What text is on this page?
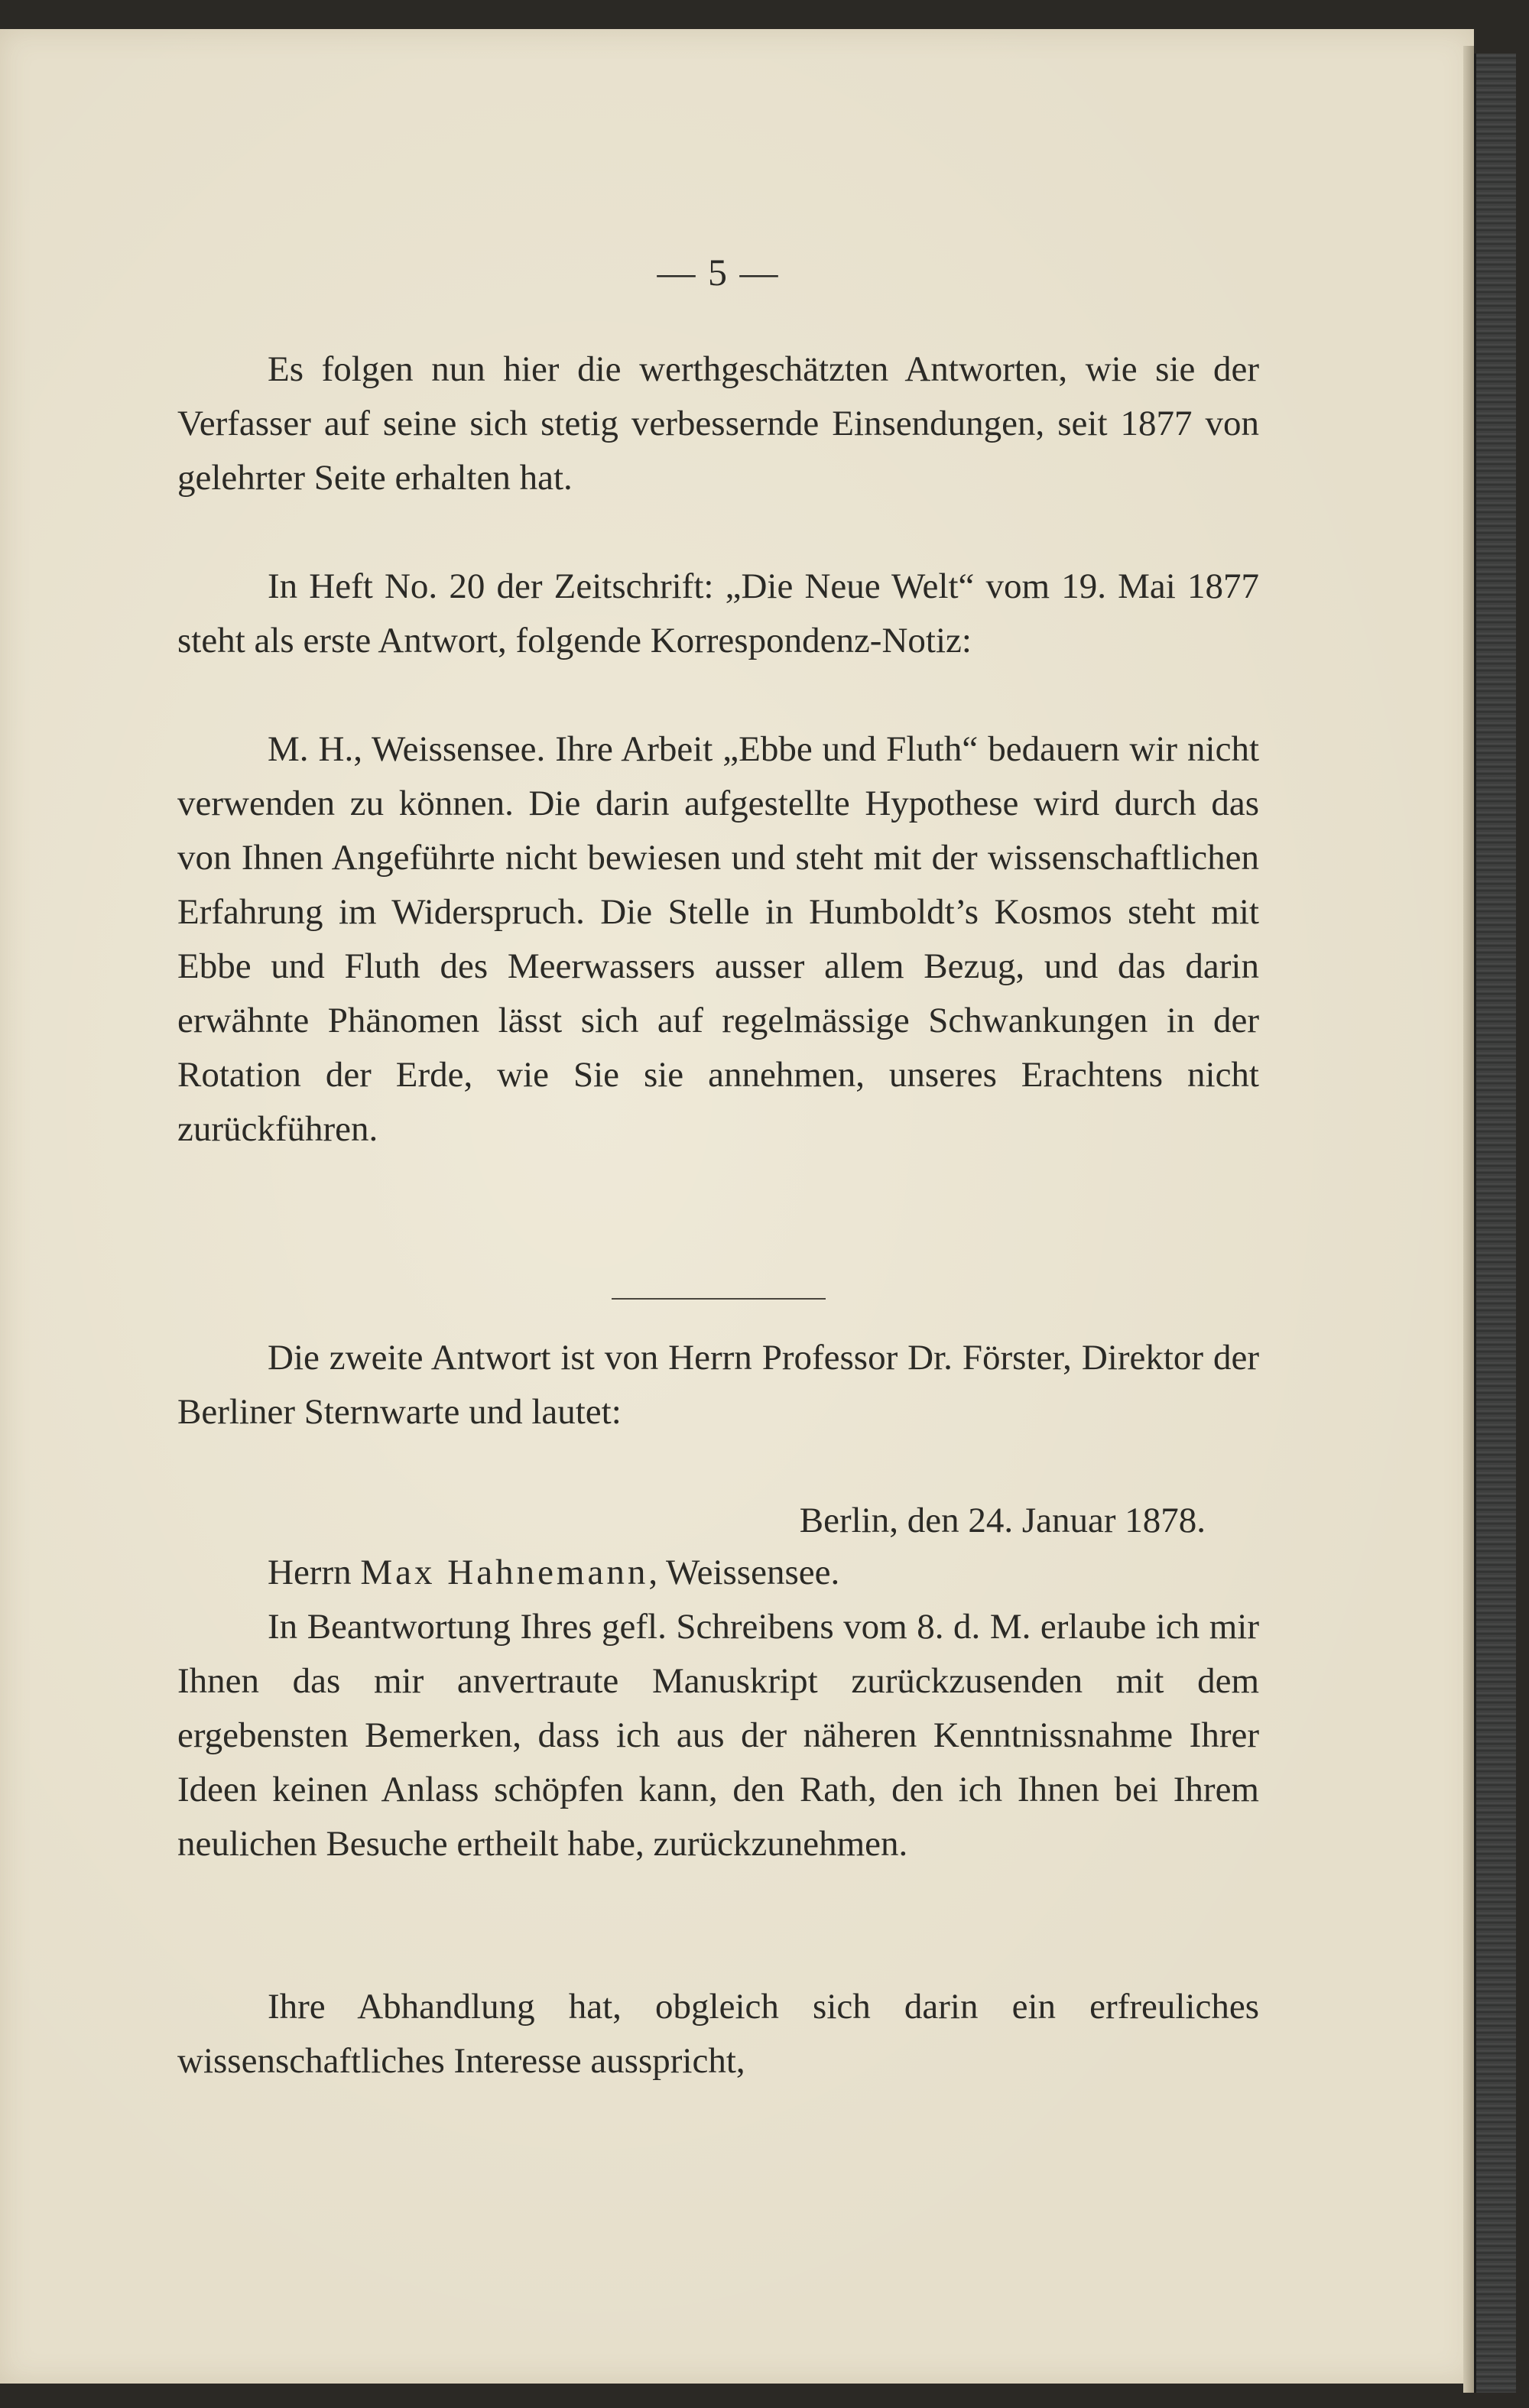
— 5 —

Es folgen nun hier die werthgeschätzten Antworten, wie sie der Verfasser auf seine sich stetig verbessernde Einsendungen, seit 1877 von gelehrter Seite erhalten hat.

In Heft No. 20 der Zeitschrift: „Die Neue Welt“ vom 19. Mai 1877 steht als erste Antwort, folgende Korrespondenz-Notiz:

M. H., Weissensee. Ihre Arbeit „Ebbe und Fluth“ bedauern wir nicht verwenden zu können. Die darin aufgestellte Hypothese wird durch das von Ihnen Angeführte nicht bewiesen und steht mit der wissenschaftlichen Erfahrung im Widerspruch. Die Stelle in Humboldt’s Kosmos steht mit Ebbe und Fluth des Meerwassers ausser allem Bezug, und das darin erwähnte Phänomen lässt sich auf regelmässige Schwankungen in der Rotation der Erde, wie Sie sie annehmen, unseres Erachtens nicht zurückführen.

Die zweite Antwort ist von Herrn Professor Dr. Förster, Direktor der Berliner Sternwarte und lautet:

Berlin, den 24. Januar 1878.
Herrn Max Hahnemann, Weissensee.

In Beantwortung Ihres gefl. Schreibens vom 8. d. M. erlaube ich mir Ihnen das mir anvertraute Manuskript zurückzusenden mit dem ergebensten Bemerken, dass ich aus der näheren Kenntnissnahme Ihrer Ideen keinen Anlass schöpfen kann, den Rath, den ich Ihnen bei Ihrem neulichen Besuche ertheilt habe, zurückzunehmen.

Ihre Abhandlung hat, obgleich sich darin ein erfreuliches wissenschaftliches Interesse ausspricht,
